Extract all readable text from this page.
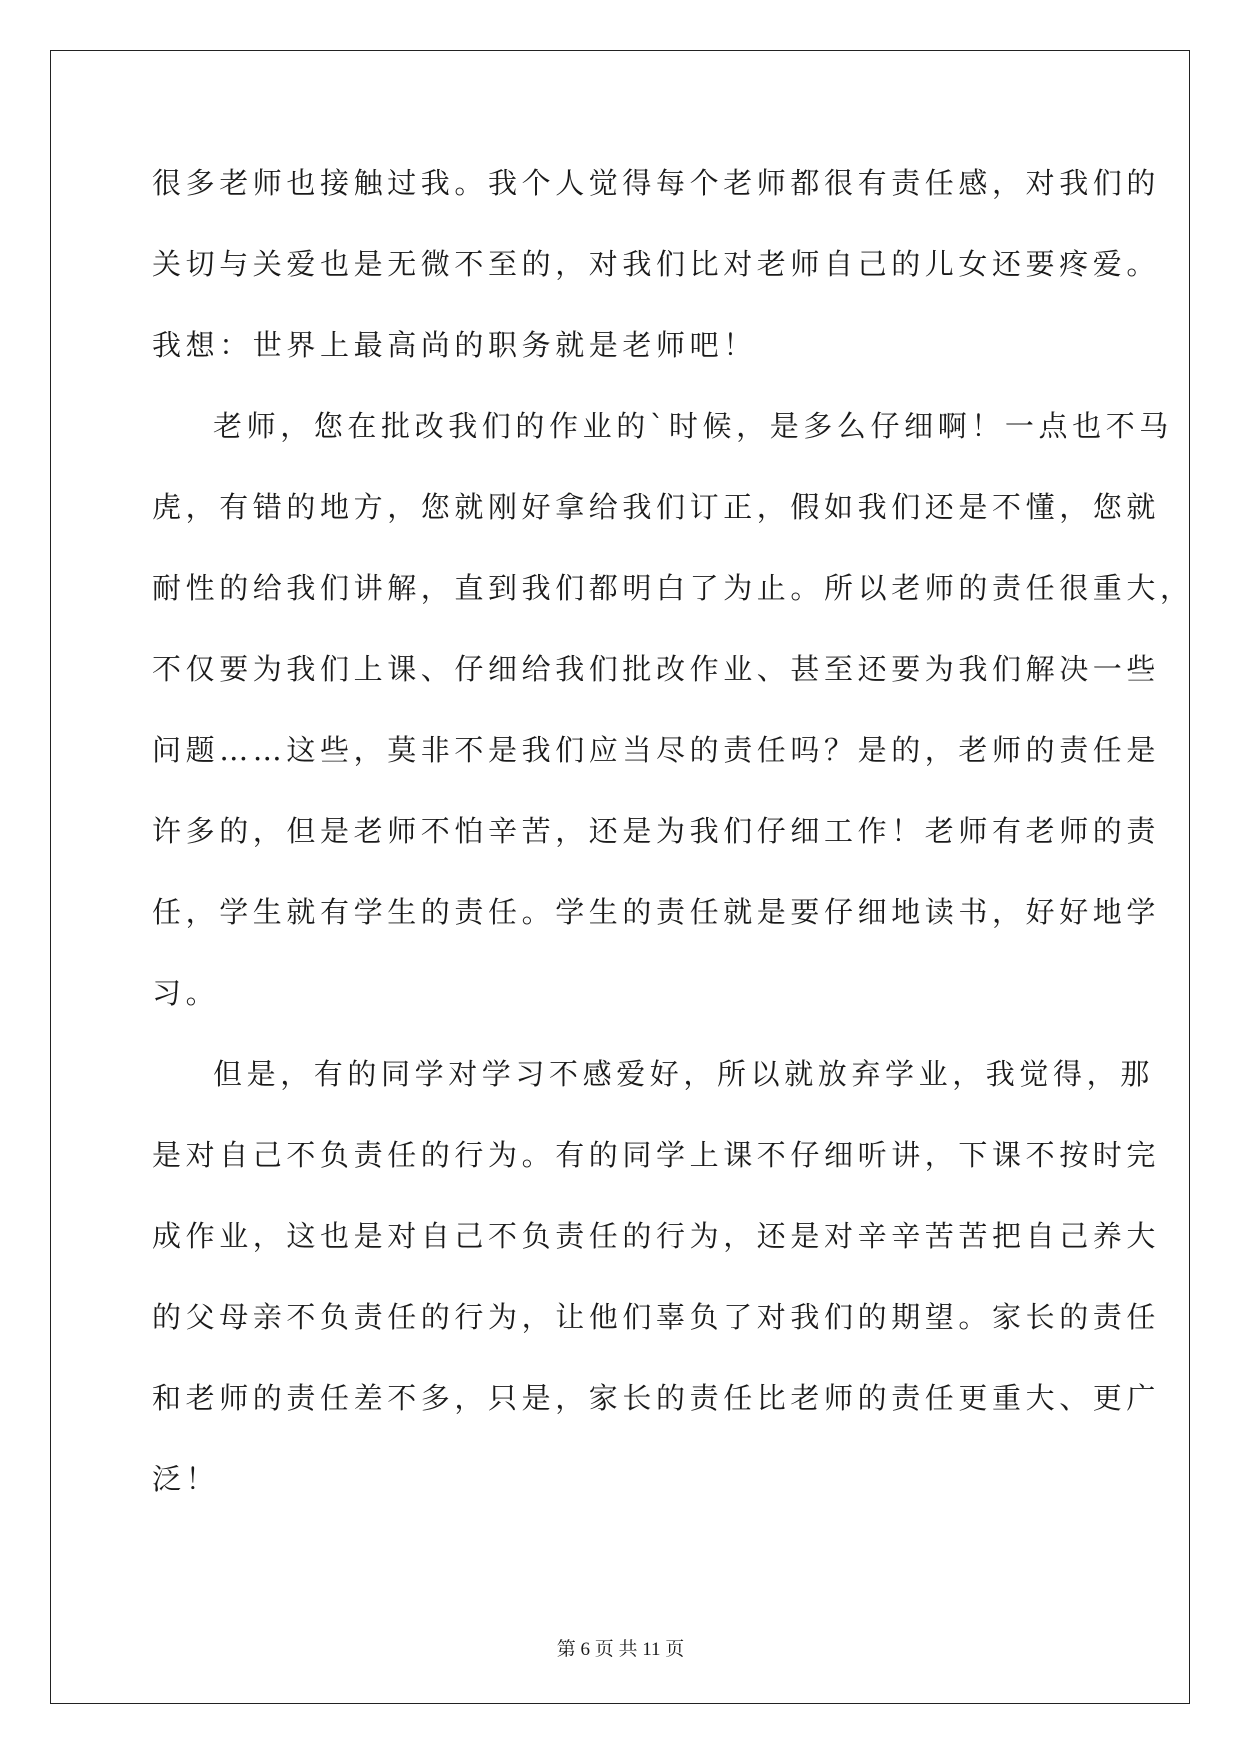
很多老师也接触过我。我个人觉得每个老师都很有责任感，对我们的
关切与关爱也是无微不至的，对我们比对老师自己的儿女还要疼爱。
我想：世界上最高尚的职务就是老师吧！
老师，您在批改我们的作业的`时候，是多么仔细啊！一点也不马
虎，有错的地方，您就刚好拿给我们订正，假如我们还是不懂，您就
耐性的给我们讲解，直到我们都明白了为止。所以老师的责任很重大，
不仅要为我们上课、仔细给我们批改作业、甚至还要为我们解决一些
问题……这些，莫非不是我们应当尽的责任吗？是的，老师的责任是
许多的，但是老师不怕辛苦，还是为我们仔细工作！老师有老师的责
任，学生就有学生的责任。学生的责任就是要仔细地读书，好好地学
习。
但是，有的同学对学习不感爱好，所以就放弃学业，我觉得，那
是对自己不负责任的行为。有的同学上课不仔细听讲，下课不按时完
成作业，这也是对自己不负责任的行为，还是对辛辛苦苦把自己养大
的父母亲不负责任的行为，让他们辜负了对我们的期望。家长的责任
和老师的责任差不多，只是，家长的责任比老师的责任更重大、更广
泛！
第 6 页 共 11 页
